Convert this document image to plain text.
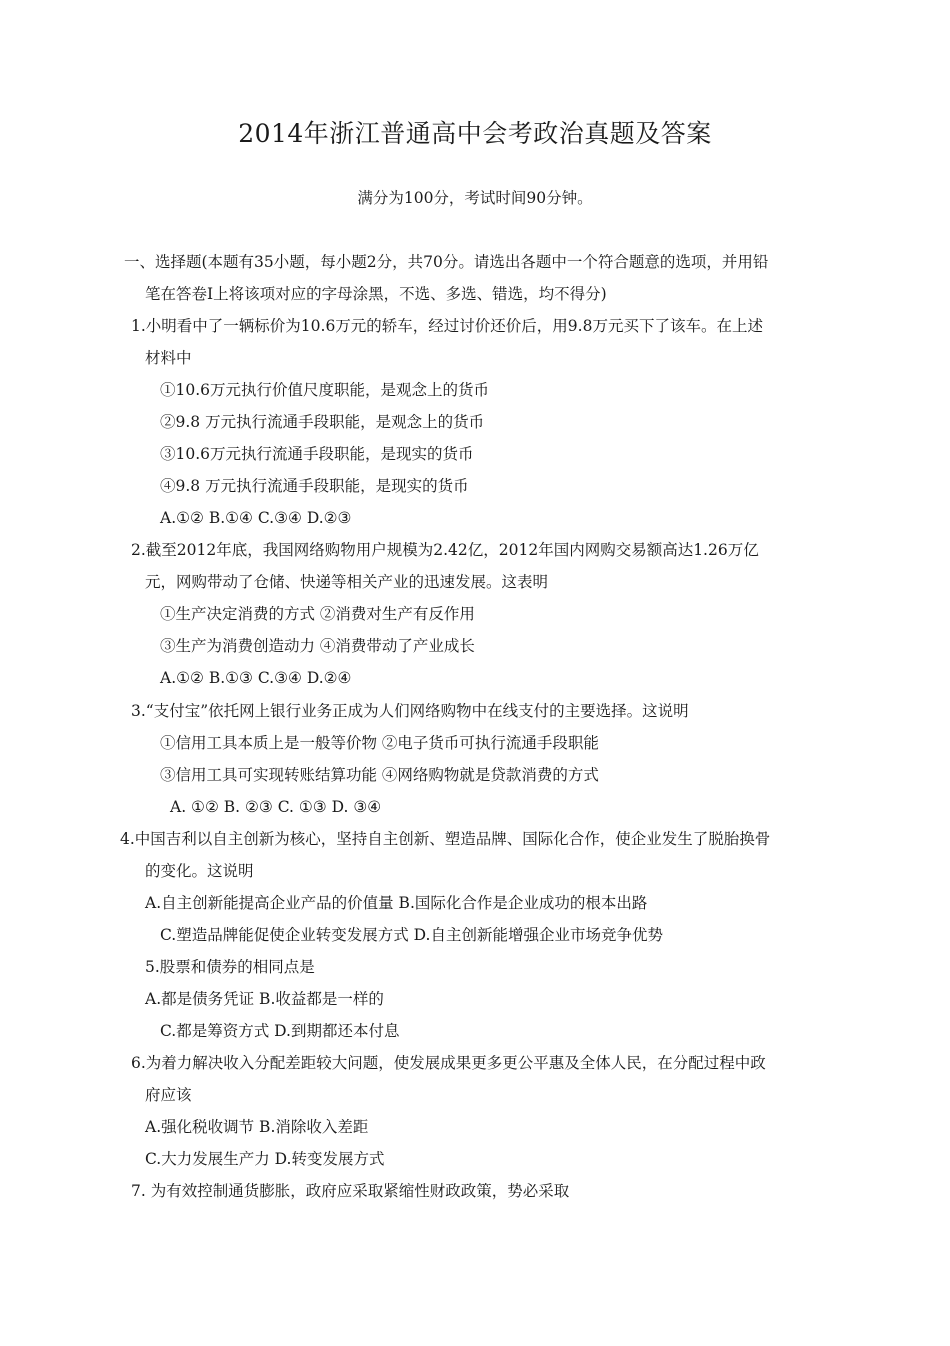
2014年浙江普通高中会考政治真题及答案
满分为100分，考试时间90分钟。
一、选择题(本题有35小题，每小题2分，共70分。请选出各题中一个符合题意的选项，并用铅
笔在答卷Ⅰ上将该项对应的字母涂黑，不选、多选、错选，均不得分)
1.小明看中了一辆标价为10.6万元的轿车，经过讨价还价后，用9.8万元买下了该车。在上述
材料中
①10.6万元执行价值尺度职能，是观念上的货币
②9.8 万元执行流通手段职能，是观念上的货币
③10.6万元执行流通手段职能，是现实的货币
④9.8 万元执行流通手段职能，是现实的货币
A.①② B.①④ C.③④ D.②③
2.截至2012年底，我国网络购物用户规模为2.42亿，2012年国内网购交易额高达1.26万亿
元，网购带动了仓储、快递等相关产业的迅速发展。这表明
①生产决定消费的方式 ②消费对生产有反作用
③生产为消费创造动力 ④消费带动了产业成长
A.①② B.①③ C.③④ D.②④
3.“支付宝”依托网上银行业务正成为人们网络购物中在线支付的主要选择。这说明
①信用工具本质上是一般等价物 ②电子货币可执行流通手段职能
③信用工具可实现转账结算功能 ④网络购物就是贷款消费的方式
A. ①② B. ②③ C. ①③ D. ③④
4.中国吉利以自主创新为核心，坚持自主创新、塑造品牌、国际化合作，使企业发生了脱胎换骨
的变化。这说明
A.自主创新能提高企业产品的价值量 B.国际化合作是企业成功的根本出路
C.塑造品牌能促使企业转变发展方式 D.自主创新能增强企业市场竞争优势
5.股票和债券的相同点是
A.都是债务凭证 B.收益都是一样的
C.都是筹资方式 D.到期都还本付息
6.为着力解决收入分配差距较大问题，使发展成果更多更公平惠及全体人民，在分配过程中政
府应该
A.强化税收调节 B.消除收入差距
C.大力发展生产力 D.转变发展方式
7. 为有效控制通货膨胀，政府应采取紧缩性财政政策，势必采取
